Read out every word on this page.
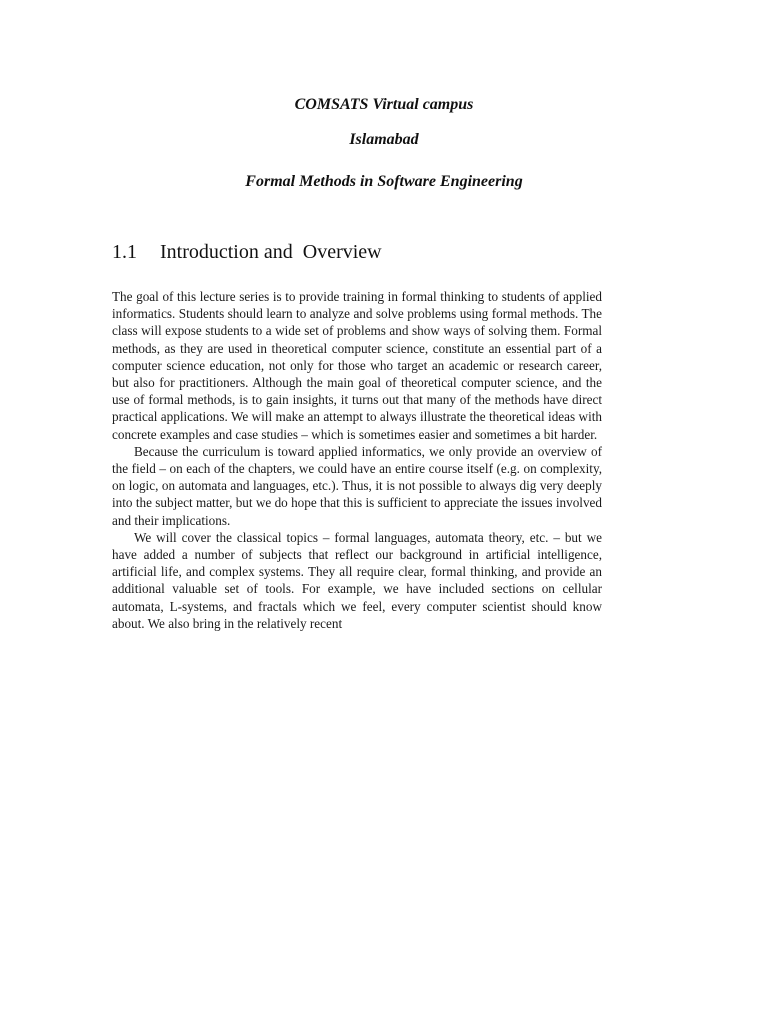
COMSATS Virtual campus
Islamabad
Formal Methods in Software Engineering
1.1 Introduction and  Overview

The goal of this lecture series is to provide training in formal thinking to students of applied informatics. Students should learn to analyze and solve problems using formal methods. The class will expose students to a wide set of problems and show ways of solving them. Formal methods, as they are used in theoretical computer science, constitute an essential part of a computer science education, not only for those who target an academic or research career, but also for practitioners. Although the main goal of theoretical computer science, and the use of formal methods, is to gain insights, it turns out that many of the methods have direct practical applications. We will make an attempt to always illustrate the theoretical ideas with concrete examples and case studies – which is sometimes easier and sometimes a bit harder.

Because the curriculum is toward applied informatics, we only provide an overview of the field – on each of the chapters, we could have an entire course itself (e.g. on complexity, on logic, on automata and languages, etc.). Thus, it is not possible to always dig very deeply into the subject matter, but we do hope that this is sufficient to appreciate the issues involved and their implications.

We will cover the classical topics – formal languages, automata theory, etc. – but we have added a number of subjects that reflect our background in artificial intelligence, artificial life, and complex systems. They all require clear, formal thinking, and provide an additional valuable set of tools. For example, we have included sections on cellular automata, L-systems, and fractals which we feel, every computer scientist should know about. We also bring in the relatively recent
